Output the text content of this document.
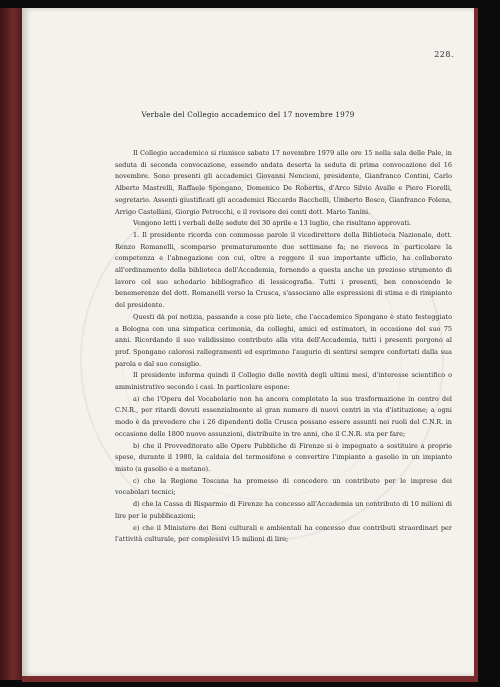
228.
Verbale del Collegio accademico del 17 novembre 1979

Il Collegio accademico si riunisce sabato 17 novembre 1979 alle ore 15 nella sala delle Pale, in seduta di seconda convocazione, essendo andata deserta la seduta di prima convocazione del 16 novembre. Sono presenti gli accademici Giovanni Nencioni, presidente, Gianfranco Contini, Carlo Alberto Mastrelli, Raffaele Spongano, Domenico De Robertis, d'Arco Silvio Avalle e Piero Fiorelli, segretario. Assenti giustificati gli accademici Riccardo Bacchelli, Umberto Bosco, Gianfranco Folena, Arrigo Castellani, Giorgio Petrocchi, e il revisore dei conti dott. Mario Tanini.

Vengono letti i verbali delle sedute del 30 aprile e 13 luglio, che risultano approvati.

1. Il presidente ricorda con commosse parole il vicedirettore della Biblioteca Nazionale, dott. Renzo Romanelli, scomparso prematuramente due settimane fa; ne rievoca in particolare la competenza e l'abnegazione con cui, oltre a reggere il suo importante ufficio, ha collaborato all'ordinamento della biblioteca dell'Accademia, fornendo a questa anche un prezioso strumento di lavoro col suo schedario bibliografico di lessicografia. Tutti i presenti, ben conoscendo le benemerenze del dott. Romanelli verso la Crusca, s'associano alle espressioni di stima e di rimpianto del presidente.

Questi dà poi notizia, passando a cose più liete, che l'accademico Spongano è stato festeggiato a Bologna con una simpatica cerimonia, da colleghi, amici ed estimatori, in occasione del suo 75 anni. Ricordando il suo validissimo contributo alla vita dell'Accademia, tutti i presenti porgono al prof. Spongano calorosi rallegramenti ed esprimono l'augurio di sentirsi sempre confortati dalla sua parola e dal suo consiglio.

Il presidente informa quindi il Collegio delle novità degli ultimi mesi, d'interesse scientifico o amministrativo secondo i casi. In particolare espone:

a) che l'Opera del Vocabolario non ha ancora completato la sua trasformazione in centro del C.N.R., per ritardi dovuti essenzialmente al gran numero di nuovi centri in via d'istituzione; a ogni modo è da prevedere che i 26 dipendenti della Crusca possano essere assunti nei ruoli del C.N.R. in occasione delle 1800 nuove assunzioni, distribuite in tre anni, che il C.N.R. sta per fare;

b) che il Provveditorato alle Opere Pubbliche di Firenze si è impegnato a sostituire a proprie spese, durante il 1980, la caldaia del termosifone e convertire l'impianto a gasolio in un impianto misto (a gasolio e a metano).

c) che la Regione Toscana ha promesso di concedere un contributo per le imprese dei vocabolari tecnici;

d) che la Cassa di Risparmio di Firenze ha concesso all'Accademia un contributo di 10 milioni di lire per le pubblicazioni;

e) che il Ministero dei Beni culturali e ambientali ha concesso due contributi straordinari per l'attività culturale, per complessivi 15 milioni di lire;
